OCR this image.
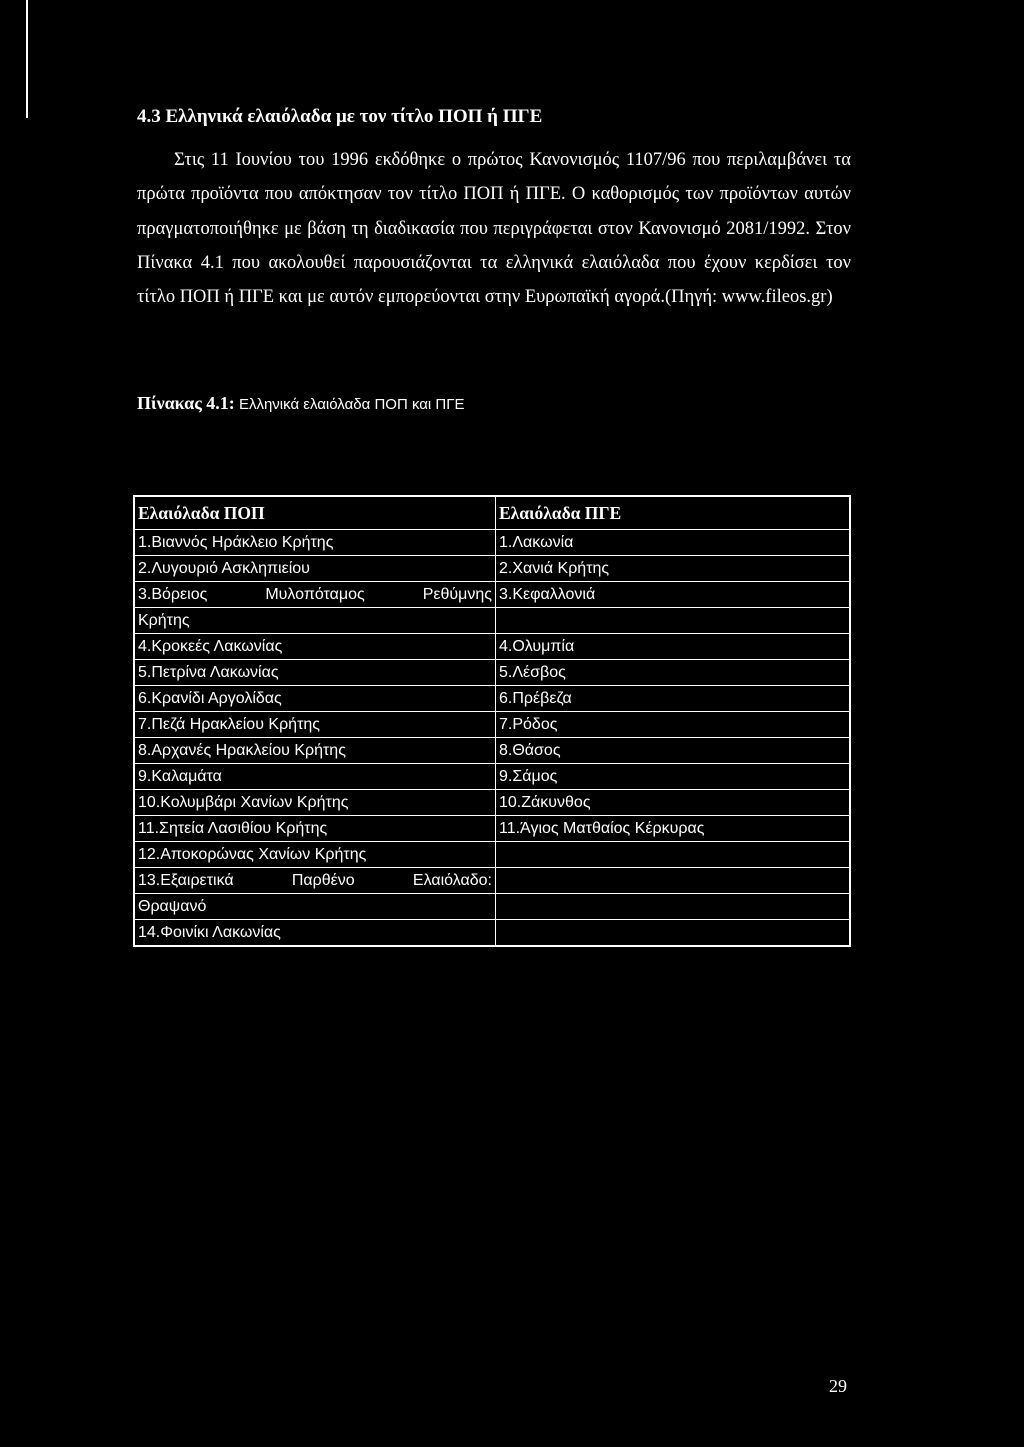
4.3 Ελληνικά ελαιόλαδα με τον τίτλο ΠΟΠ ή ΠΓΕ

Στις 11 Ιουνίου του 1996 εκδόθηκε ο πρώτος Κανονισμός 1107/96 που περιλαμβάνει τα πρώτα προϊόντα που απόκτησαν τον τίτλο ΠΟΠ ή ΠΓΕ. Ο καθορισμός των προϊόντων αυτών πραγματοποιήθηκε με βάση τη διαδικασία που περιγράφεται στον Κανονισμό 2081/1992. Στον Πίνακα 4.1 που ακολουθεί παρουσιάζονται τα ελληνικά ελαιόλαδα που έχουν κερδίσει τον τίτλο ΠΟΠ ή ΠΓΕ και με αυτόν εμπορεύονται στην Ευρωπαϊκή αγορά.(Πηγή: www.fileos.gr)

Πίνακας 4.1: Ελληνικά ελαιόλαδα ΠΟΠ και ΠΓΕ
Ελαιόλαδα ΠΟΠ	Ελαιόλαδα ΠΓΕ
1.Βιαννός Ηράκλειο Κρήτης	1.Λακωνία
2.Λυγουριό Ασκληπιείου	2.Χανιά Κρήτης
3.Βόρειος Μυλοπόταμος Ρεθύμνης	3.Κεφαλλονιά
Κρήτης	
4.Κροκεές Λακωνίας	4.Ολυμπία
5.Πετρίνα Λακωνίας	5.Λέσβος
6.Κρανίδι Αργολίδας	6.Πρέβεζα
7.Πεζά Ηρακλείου Κρήτης	7.Ρόδος
8.Αρχανές Ηρακλείου Κρήτης	8.Θάσος
9.Καλαμάτα	9.Σάμος
10.Κολυμβάρι Χανίων Κρήτης	10.Ζάκυνθος
11.Σητεία Λασιθίου Κρήτης	11.Άγιος Ματθαίος Κέρκυρας
12.Αποκορώνας Χανίων Κρήτης	
13.Εξαιρετικά Παρθένο Ελαιόλαδο:	
Θραψανό	
14.Φοινίκι Λακωνίας	
29
